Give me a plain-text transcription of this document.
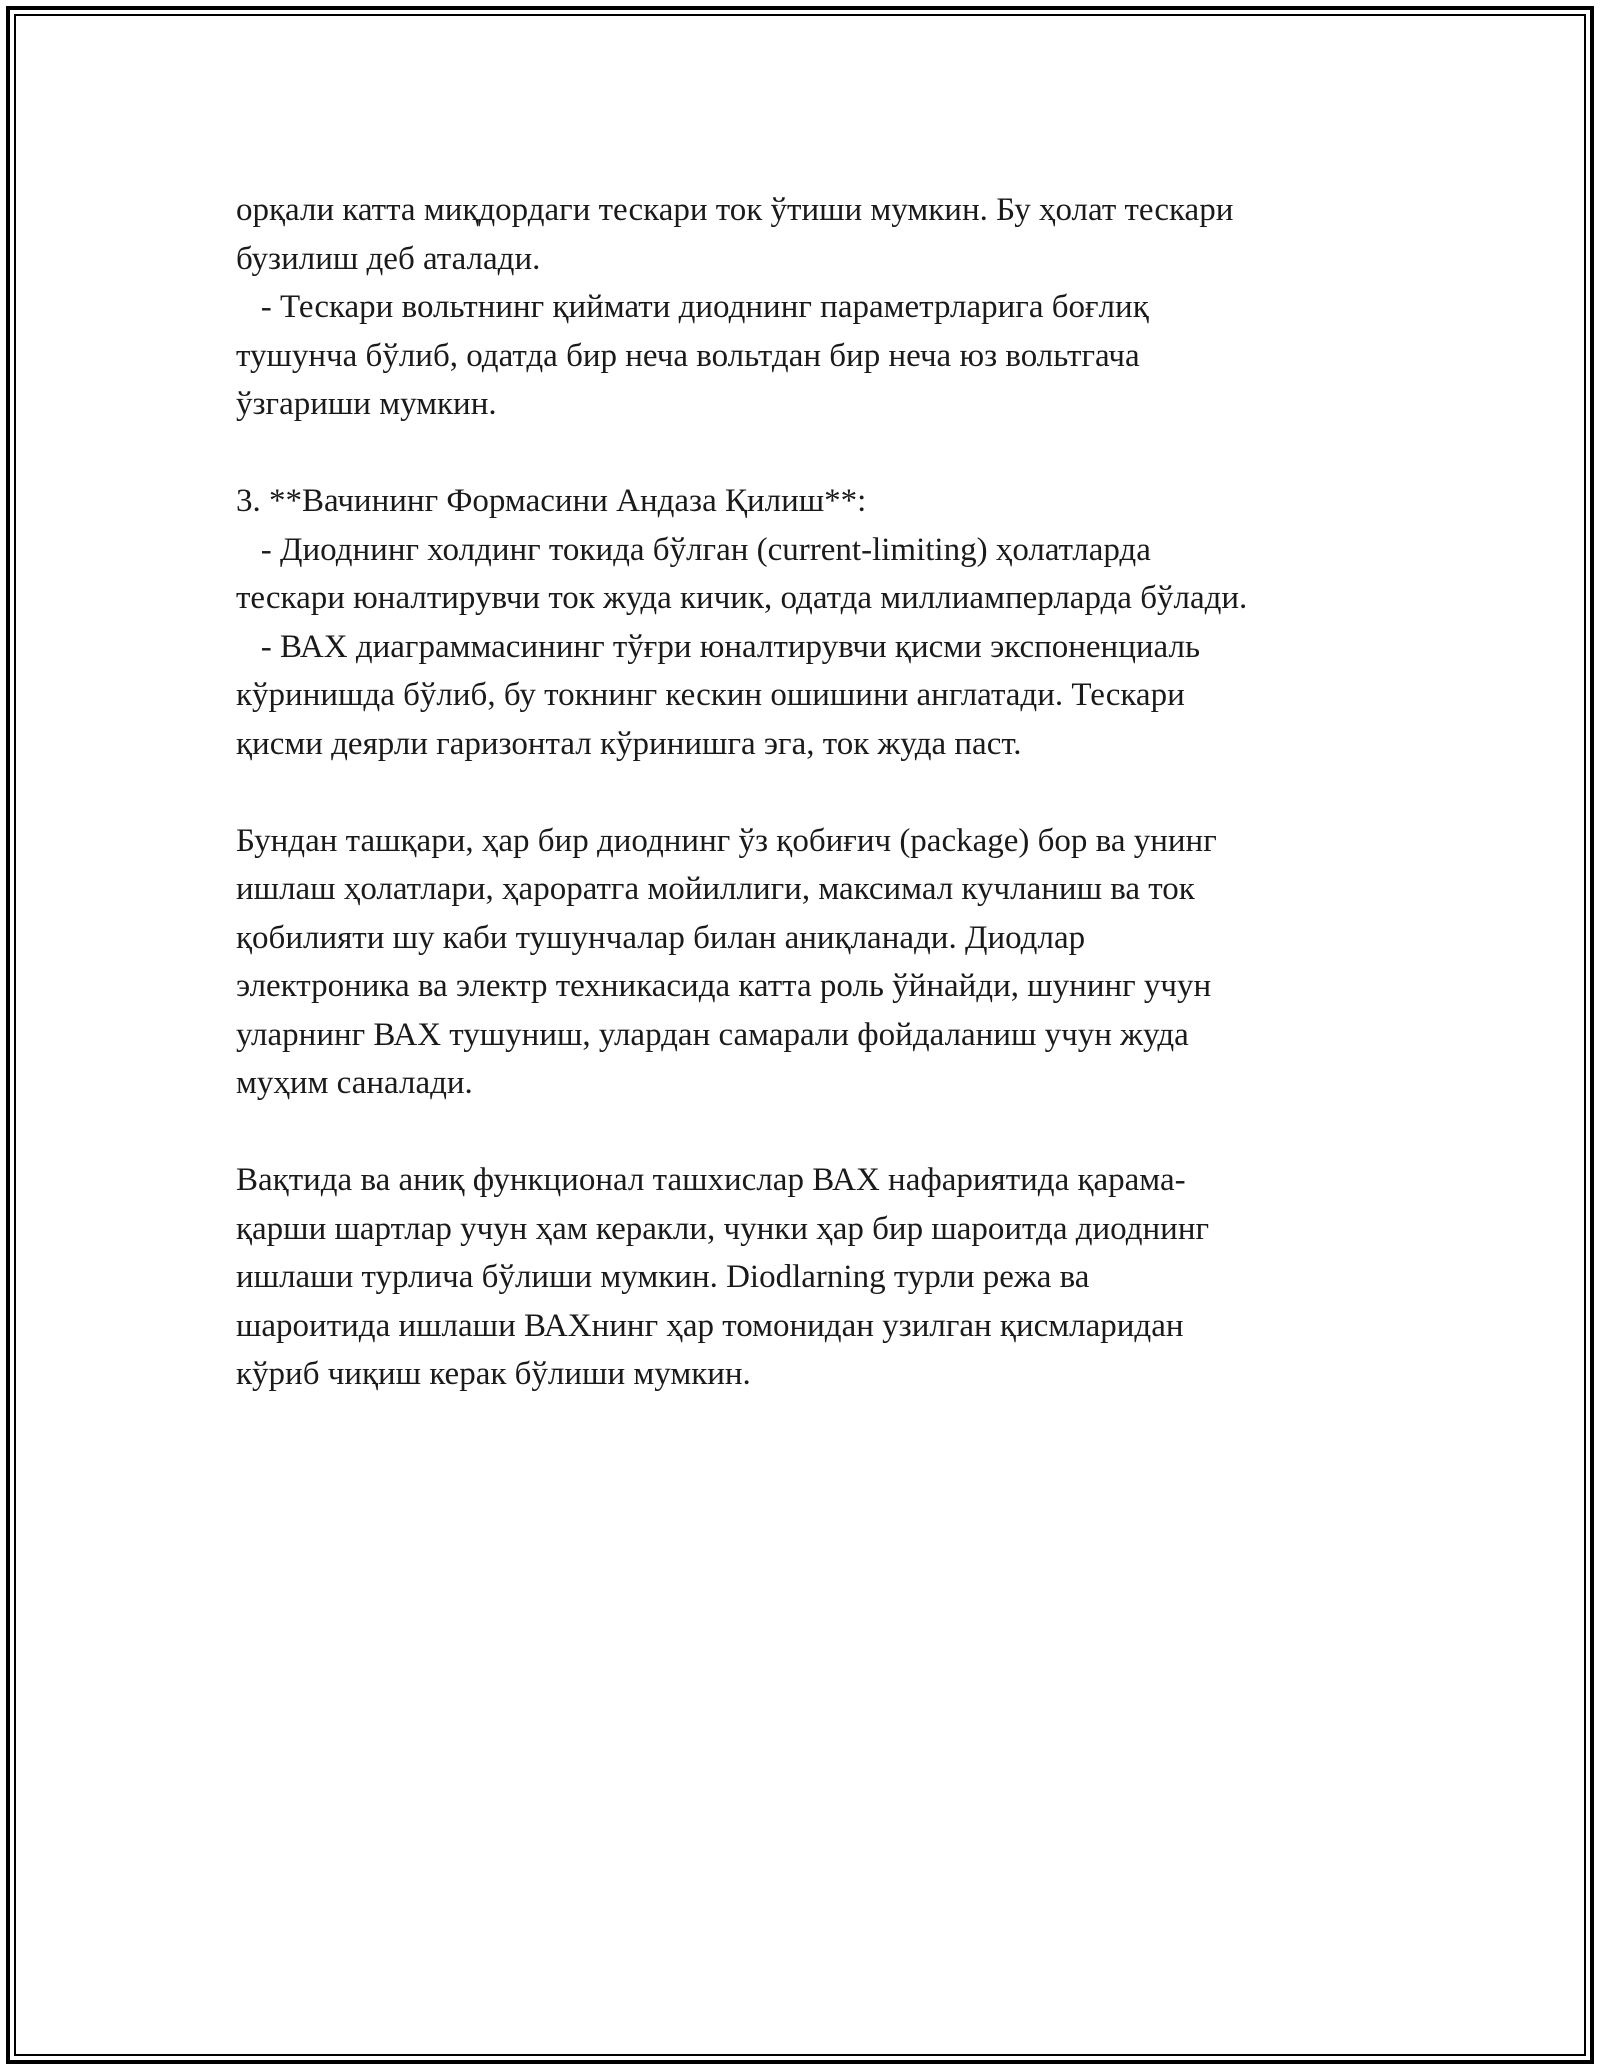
орқали катта миқдордаги тескари ток ўтиши мумкин. Бу ҳолат тескари
бузилиш деб аталади.
- Тескари вольтнинг қиймати диоднинг параметрларига боғлиқ
тушунча бўлиб, одатда бир неча вольтдан бир неча юз вольтгача
ўзгариши мумкин.
3. **Вачининг Формасини Андаза Қилиш**:
- Диоднинг холдинг токида бўлган (current-limiting) ҳолатларда
тескари юналтирувчи ток жуда кичик, одатда миллиамперларда бўлади.
- ВАХ диаграммасининг тўғри юналтирувчи қисми экспоненциаль
кўринишда бўлиб, бу токнинг кескин ошишини англатади. Тескари
қисми деярли гаризонтал кўринишга эга, ток жуда паст.
Бундан ташқари, ҳар бир диоднинг ўз қобиғич (package) бор ва унинг
ишлаш ҳолатлари, ҳароратга мойиллиги, максимал кучланиш ва ток
қобилияти шу каби тушунчалар билан аниқланади. Диодлар
электроника ва электр техникасида катта роль ўйнайди, шунинг учун
уларнинг ВАХ тушуниш, улардан самарали фойдаланиш учун жуда
муҳим саналади.
Вақтида ва аниқ функционал ташхислар ВАХ нафариятида қарама-
қарши шартлар учун ҳам керакли, чунки ҳар бир шароитда диоднинг
ишлаши турлича бўлиши мумкин. Diodlarning турли режа ва
шароитида ишлаши ВАХнинг ҳар томонидан узилган қисмларидан
кўриб чиқиш керак бўлиши мумкин.
